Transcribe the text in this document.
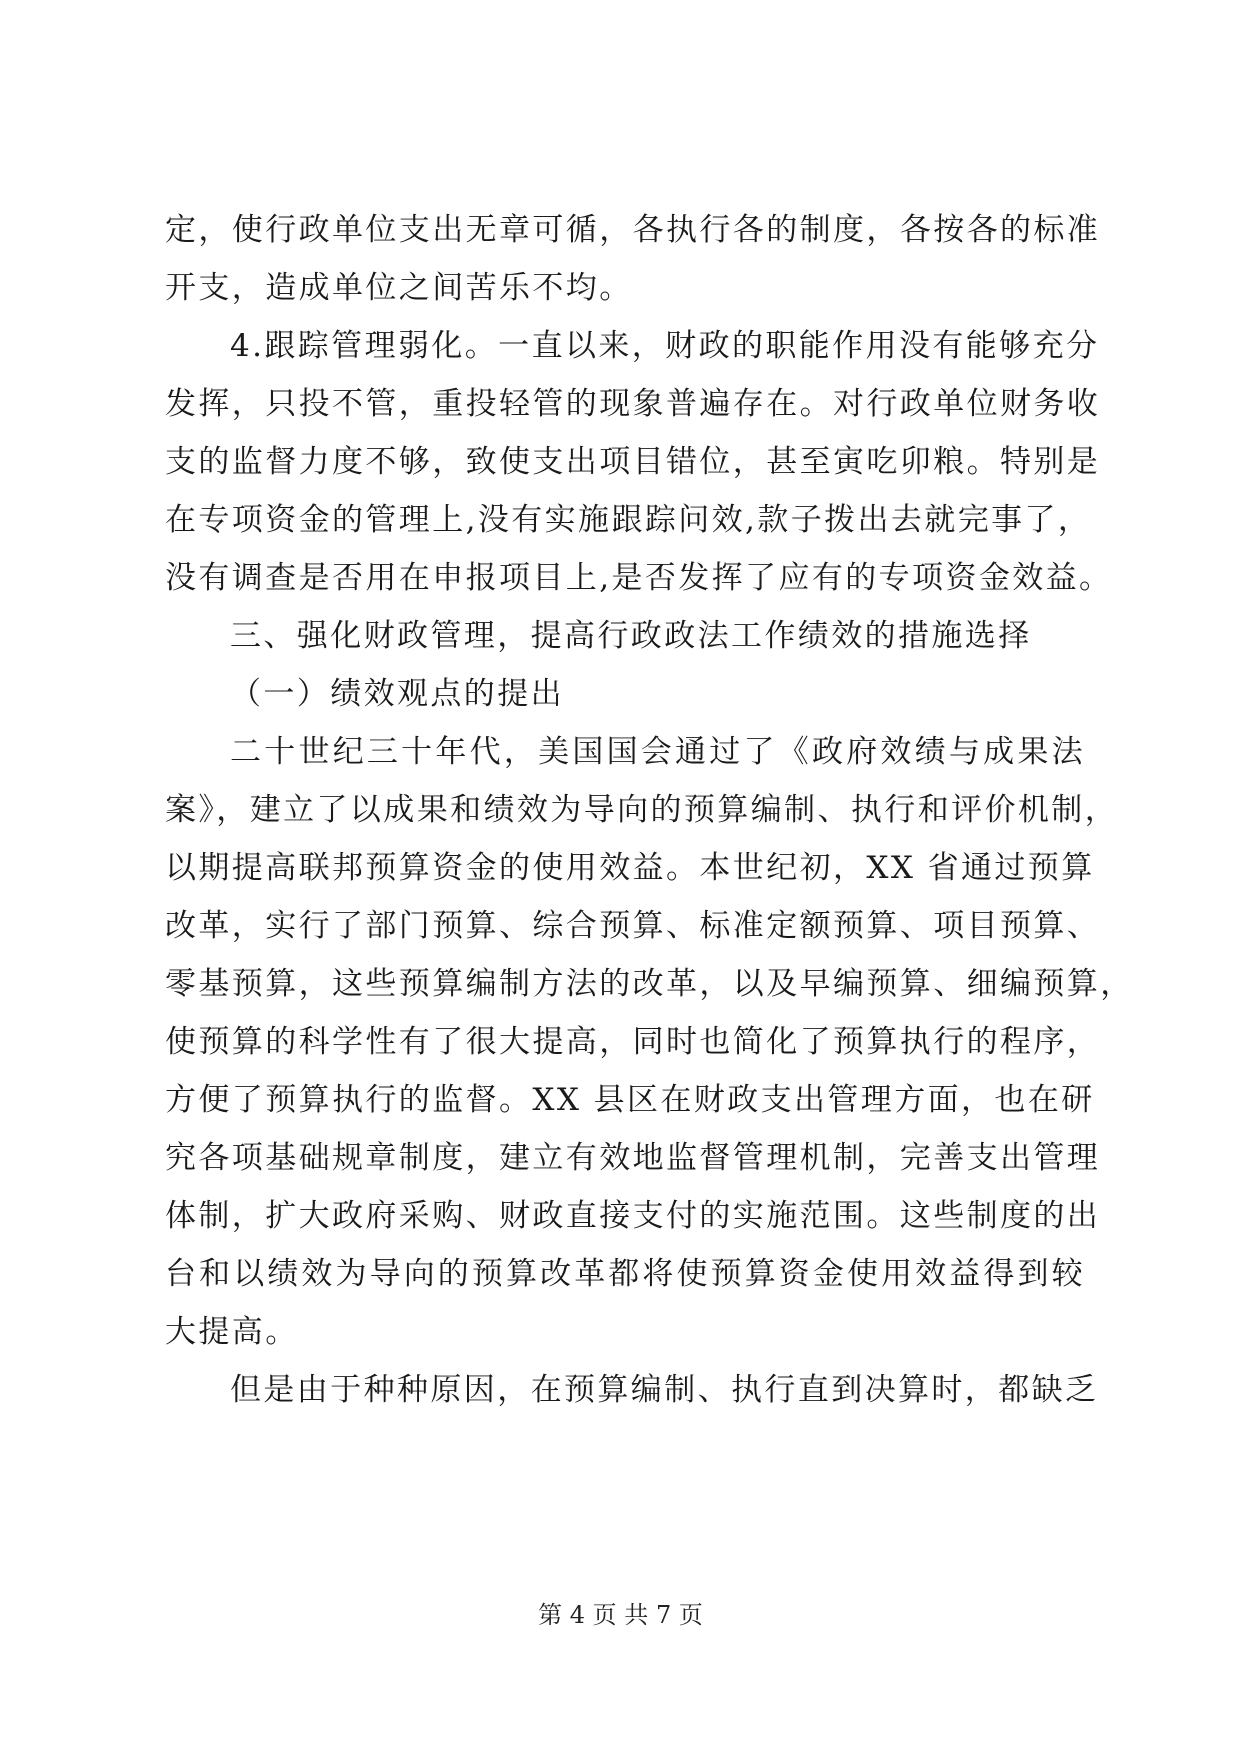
定，使行政单位支出无章可循，各执行各的制度，各按各的标准
开支，造成单位之间苦乐不均。
4.跟踪管理弱化。一直以来，财政的职能作用没有能够充分
发挥，只投不管，重投轻管的现象普遍存在。对行政单位财务收
支的监督力度不够，致使支出项目错位，甚至寅吃卯粮。特别是
在专项资金的管理上,没有实施跟踪问效,款子拨出去就完事了，
没有调查是否用在申报项目上,是否发挥了应有的专项资金效益。
三、强化财政管理，提高行政政法工作绩效的措施选择
（一）绩效观点的提出
二十世纪三十年代，美国国会通过了《政府效绩与成果法
案》，建立了以成果和绩效为导向的预算编制、执行和评价机制，
以期提高联邦预算资金的使用效益。本世纪初，XX 省通过预算
改革，实行了部门预算、综合预算、标准定额预算、项目预算、
零基预算，这些预算编制方法的改革，以及早编预算、细编预算，
使预算的科学性有了很大提高，同时也简化了预算执行的程序，
方便了预算执行的监督。XX 县区在财政支出管理方面，也在研
究各项基础规章制度，建立有效地监督管理机制，完善支出管理
体制，扩大政府采购、财政直接支付的实施范围。这些制度的出
台和以绩效为导向的预算改革都将使预算资金使用效益得到较
大提高。
但是由于种种原因，在预算编制、执行直到决算时，都缺乏
第 4 页 共 7 页
